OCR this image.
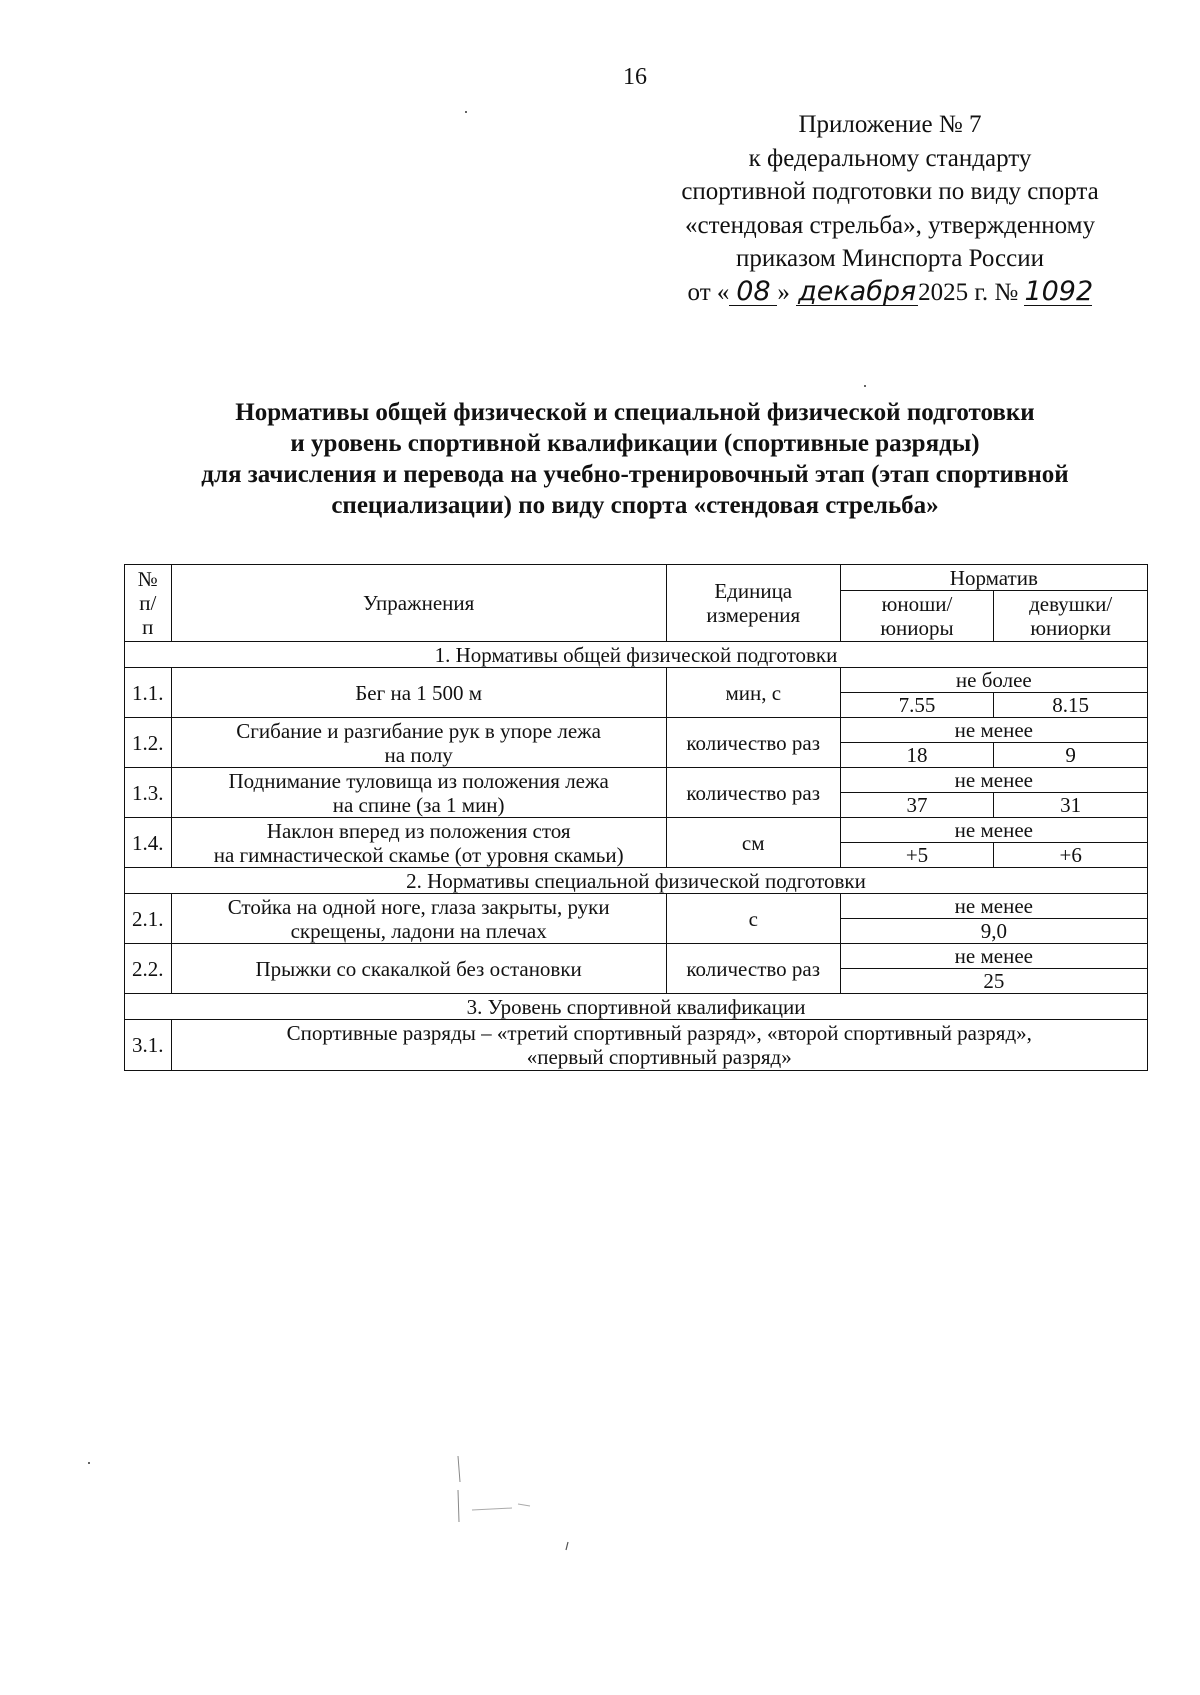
16
Приложение № 7
к федеральному стандарту
спортивной подготовки по виду спорта
«стендовая стрельба», утвержденному
приказом Минспорта России
от « 08 » декабря2025 г. № 1092
Нормативы общей физической и специальной физической подготовки
и уровень спортивной квалификации (спортивные разряды)
для зачисления и перевода на учебно-тренировочный этап (этап спортивной
специализации) по виду спорта «стендовая стрельба»
№ п/п	Упражнения	Единица измерения	Норматив	
			юноши/ юниоры	девушки/ юниорки
1. Нормативы общей физической подготовки				
1.1.	Бег на 1 500 м	мин, с	не более	
			7.55	8.15
1.2.	Сгибание и разгибание рук в упоре лежа
на полу	количество раз	не менее	
			18	9
1.3.	Поднимание туловища из положения лежа
на спине (за 1 мин)	количество раз	не менее	
			37	31
1.4.	Наклон вперед из положения стоя
на гимнастической скамье (от уровня скамьи)	см	не менее	
			+5	+6
2. Нормативы специальной физической подготовки				
2.1.	Стойка на одной ноге, глаза закрыты, руки
скрещены, ладони на плечах	с	не менее	
			9,0	
2.2.	Прыжки со скакалкой без остановки	количество раз	не менее	
			25	
3. Уровень спортивной квалификации				
3.1.	Спортивные разряды – «третий спортивный разряд», «второй спортивный разряд»,
«первый спортивный разряд»			
